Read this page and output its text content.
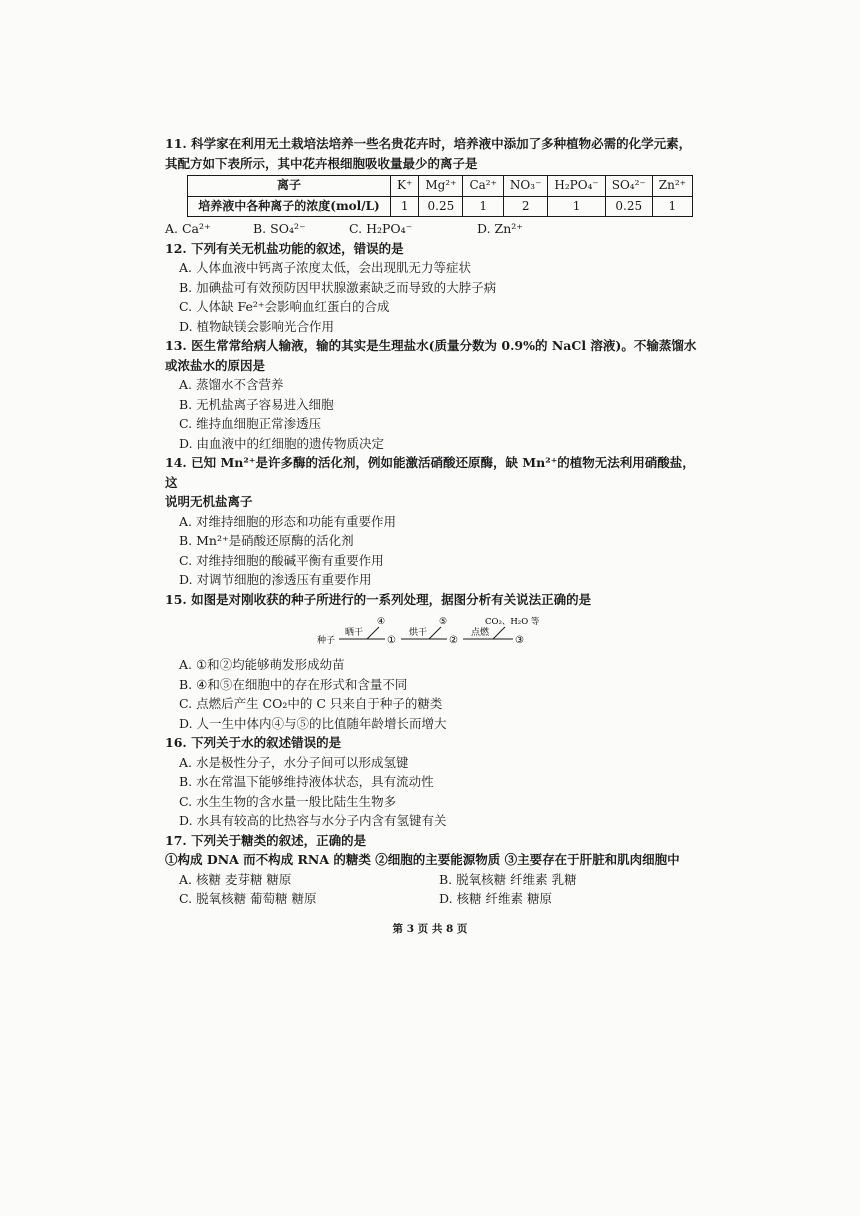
11. 科学家在利用无土栽培法培养一些名贵花卉时，培养液中添加了多种植物必需的化学元素，
其配方如下表所示，其中花卉根细胞吸收量最少的离子是
离子	K⁺	Mg²⁺	Ca²⁺	NO₃⁻	H₂PO₄⁻	SO₄²⁻	Zn²⁺
培养液中各种离子的浓度(mol/L)	1	0.25	1	2	1	0.25	1
A. Ca²⁺	B. SO₄²⁻	C. H₂PO₄⁻	D. Zn²⁺
12. 下列有关无机盐功能的叙述，错误的是
A. 人体血液中钙离子浓度太低，会出现肌无力等症状
B. 加碘盐可有效预防因甲状腺激素缺乏而导致的大脖子病
C. 人体缺 Fe²⁺会影响血红蛋白的合成
D. 植物缺镁会影响光合作用
13. 医生常常给病人输液，输的其实是生理盐水(质量分数为 0.9%的 NaCl 溶液)。不输蒸馏水
或浓盐水的原因是
A. 蒸馏水不含营养
B. 无机盐离子容易进入细胞
C. 维持血细胞正常渗透压
D. 由血液中的红细胞的遗传物质决定
14. 已知 Mn²⁺是许多酶的活化剂，例如能激活硝酸还原酶，缺 Mn²⁺的植物无法利用硝酸盐，这
说明无机盐离子
A. 对维持细胞的形态和功能有重要作用
B. Mn²⁺是硝酸还原酶的活化剂
C. 对维持细胞的酸碱平衡有重要作用
D. 对调节细胞的渗透压有重要作用
15. 如图是对刚收获的种子所进行的一系列处理，据图分析有关说法正确的是
种子
晒干
④
①
烘干
⑤
②
点燃
CO₂、H₂O 等
③
A. ①和②均能够萌发形成幼苗
B. ④和⑤在细胞中的存在形式和含量不同
C. 点燃后产生 CO₂中的 C 只来自于种子的糖类
D. 人一生中体内④与⑤的比值随年龄增长而增大
16. 下列关于水的叙述错误的是
A. 水是极性分子，水分子间可以形成氢键
B. 水在常温下能够维持液体状态，具有流动性
C. 水生生物的含水量一般比陆生生物多
D. 水具有较高的比热容与水分子内含有氢键有关
17. 下列关于糖类的叙述，正确的是
①构成 DNA 而不构成 RNA 的糖类 ②细胞的主要能源物质 ③主要存在于肝脏和肌肉细胞中
A. 核糖 麦芽糖 糖原	B. 脱氧核糖 纤维素 乳糖
C. 脱氧核糖 葡萄糖 糖原	D. 核糖 纤维素 糖原
第 3 页 共 8 页
